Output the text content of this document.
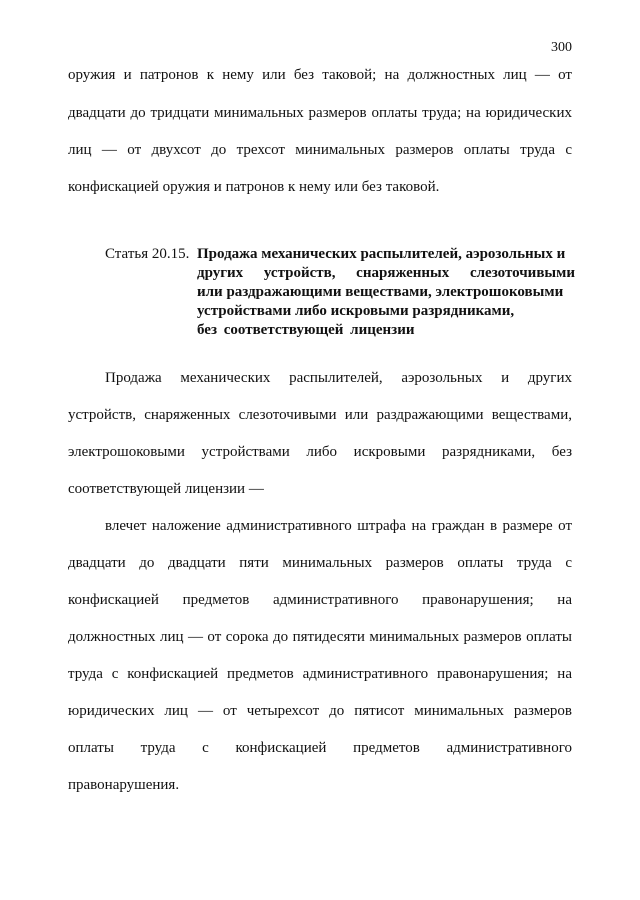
300
оружия и патронов к нему или без таковой; на должностных лиц — от
двадцати до тридцати минимальных размеров оплаты труда; на юридических
лиц — от двухсот до трехсот минимальных размеров оплаты труда с
конфискацией оружия и патронов к нему или без таковой.
Статья 20.15. Продажа механических распылителей, аэрозольных и
других устройств, снаряженных слезоточивыми
или раздражающими веществами, электрошоковыми
устройствами либо искровыми разрядниками,
без соответствующей лицензии
Продажа механических распылителей, аэрозольных и других
устройств, снаряженных слезоточивыми или раздражающими веществами,
электрошоковыми устройствами либо искровыми разрядниками, без
соответствующей лицензии —
влечет наложение административного штрафа на граждан в размере от
двадцати до двадцати пяти минимальных размеров оплаты труда с
конфискацией предметов административного правонарушения; на
должностных лиц — от сорока до пятидесяти минимальных размеров оплаты
труда с конфискацией предметов административного правонарушения; на
юридических лиц — от четырехсот до пятисот минимальных размеров
оплаты труда с конфискацией предметов административного
правонарушения.
